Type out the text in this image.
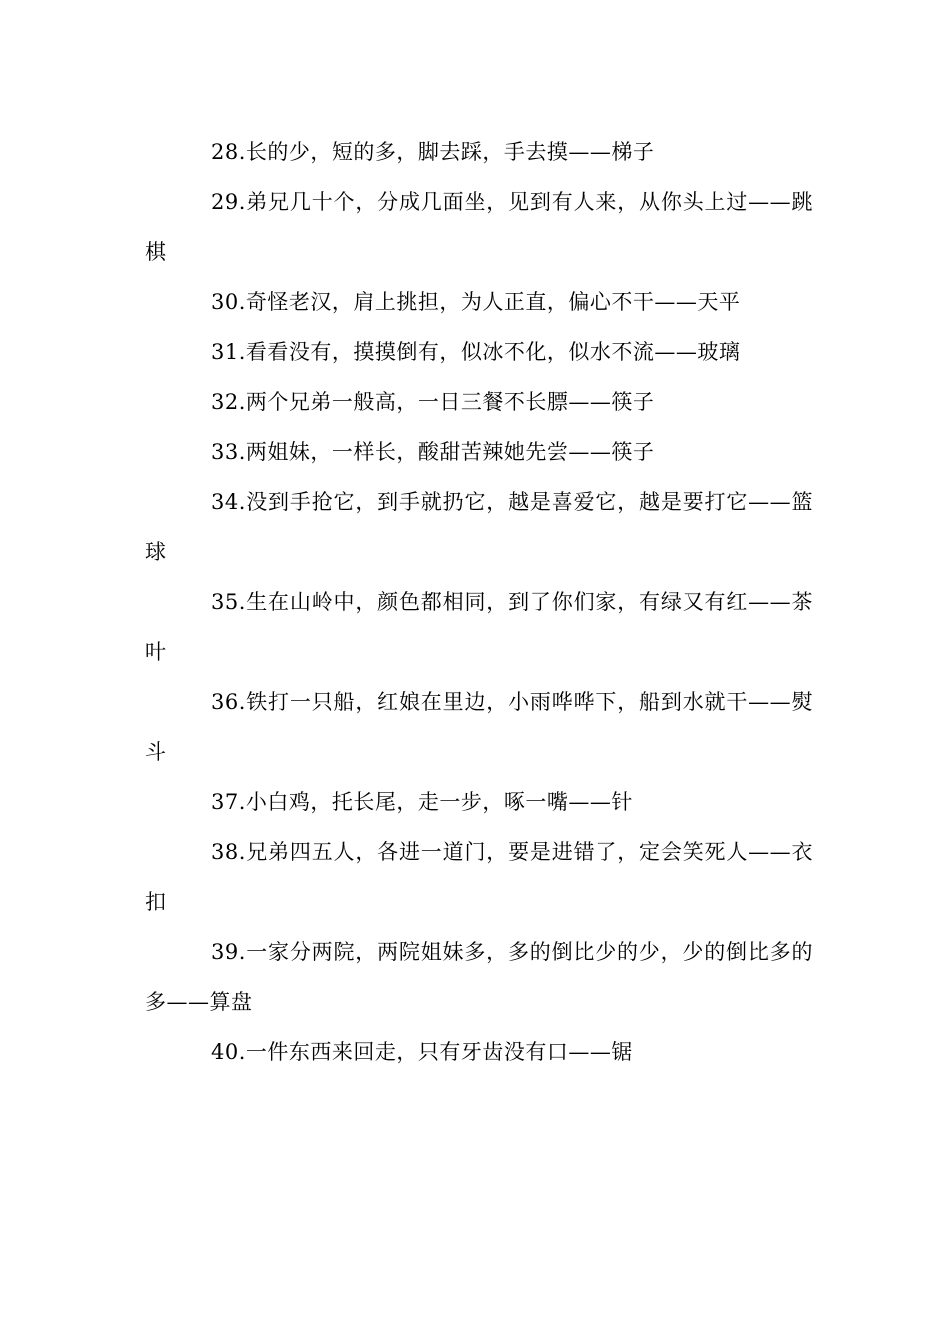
28.长的少，短的多，脚去踩，手去摸——梯子

29.弟兄几十个，分成几面坐，见到有人来，从你头上过——跳棋

30.奇怪老汉，肩上挑担，为人正直，偏心不干——天平

31.看看没有，摸摸倒有，似冰不化，似水不流——玻璃

32.两个兄弟一般高，一日三餐不长膘——筷子

33.两姐妹，一样长，酸甜苦辣她先尝——筷子

34.没到手抢它，到手就扔它，越是喜爱它，越是要打它——篮球

35.生在山岭中，颜色都相同，到了你们家，有绿又有红——茶叶

36.铁打一只船，红娘在里边，小雨哗哗下，船到水就干——熨斗

37.小白鸡，托长尾，走一步，啄一嘴——针

38.兄弟四五人，各进一道门，要是进错了，定会笑死人——衣扣

39.一家分两院，两院姐妹多，多的倒比少的少，少的倒比多的多——算盘

40.一件东西来回走，只有牙齿没有口——锯
